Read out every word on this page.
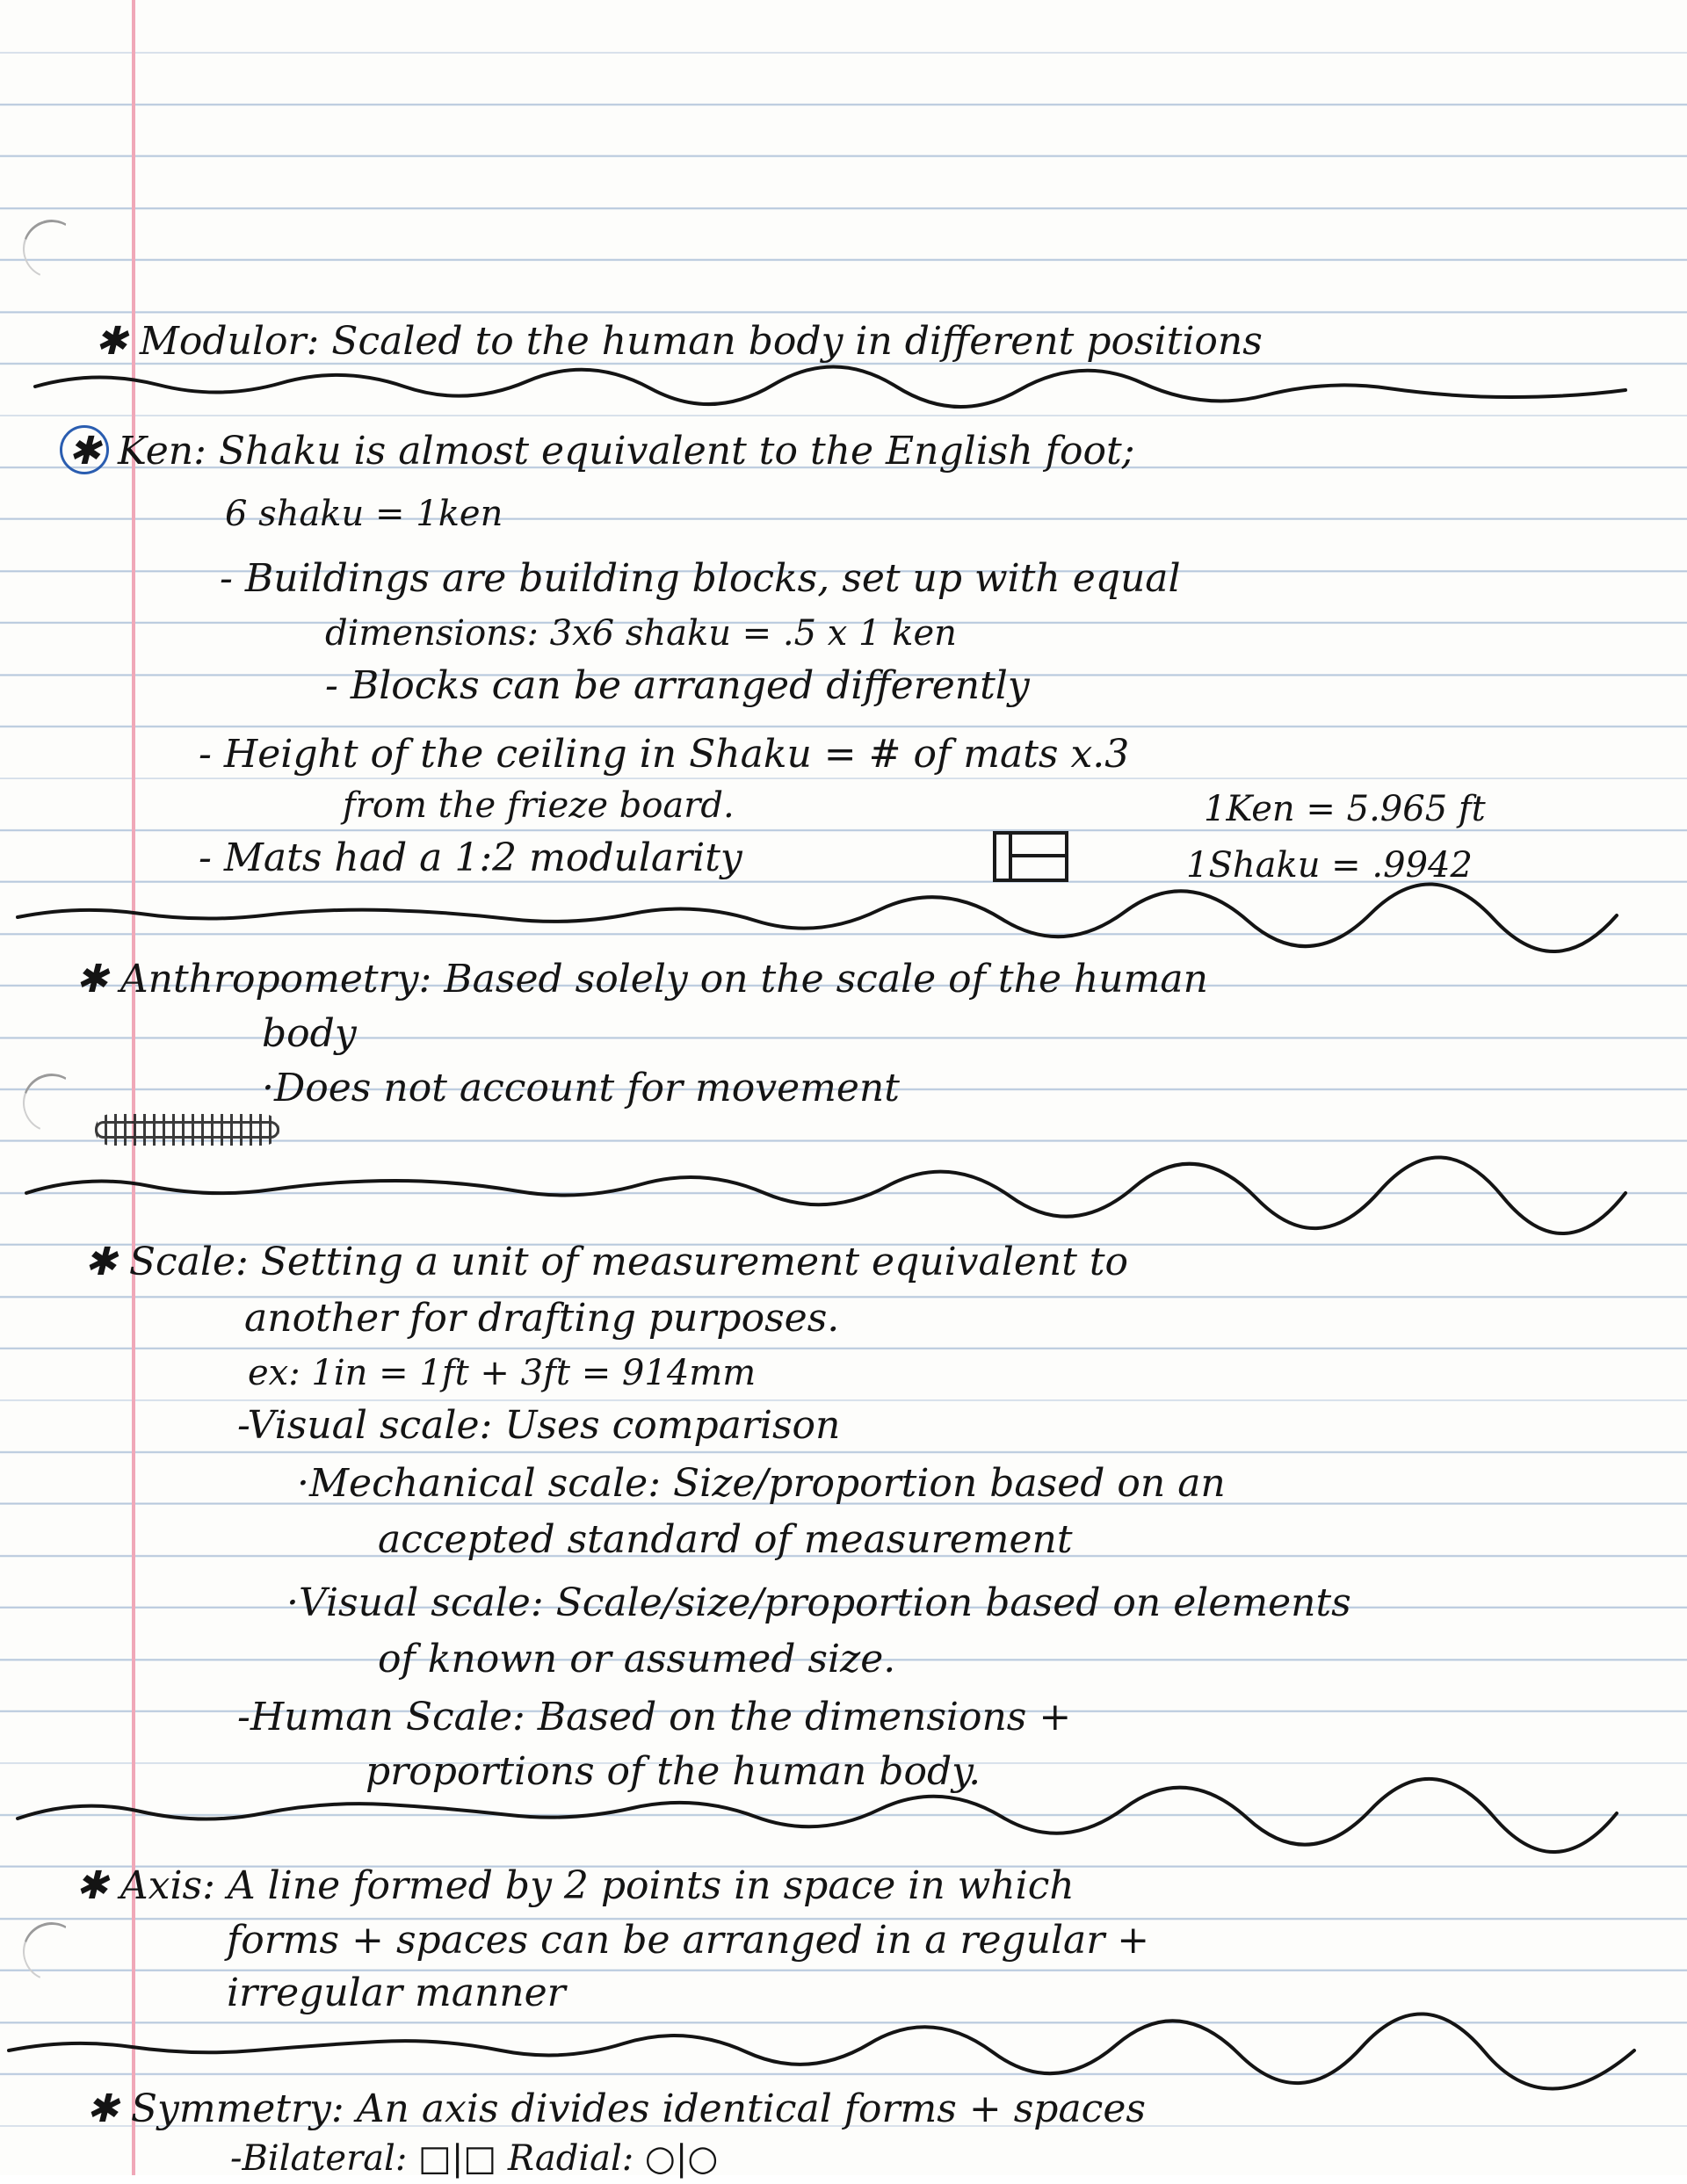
✱ Modulor: Scaled to the human body in different positions
✱ Ken: Shaku is almost equivalent to the English foot;
6 shaku = 1ken
- Buildings are building blocks, set up with equal
dimensions: 3x6 shaku = .5 x 1 ken
- Blocks can be arranged differently
- Height of the ceiling in Shaku = # of mats x.3
from the frieze board.	1Ken = 5.965 ft
- Mats had a 1:2 modularity	1Shaku = .9942
✱ Anthropometry: Based solely on the scale of the human
body
·Does not account for movement
✱ Scale: Setting a unit of measurement equivalent to
another for drafting purposes.
ex: 1in = 1ft + 3ft = 914mm
-Visual scale: Uses comparison
·Mechanical scale: Size/proportion based on an
accepted standard of measurement
·Visual scale: Scale/size/proportion based on elements
of known or assumed size.
-Human Scale: Based on the dimensions +
proportions of the human body.
✱ Axis: A line formed by 2 points in space in which
forms + spaces can be arranged in a regular +
irregular manner
✱ Symmetry: An axis divides identical forms + spaces
-Bilateral: □|□ Radial: ○|○
